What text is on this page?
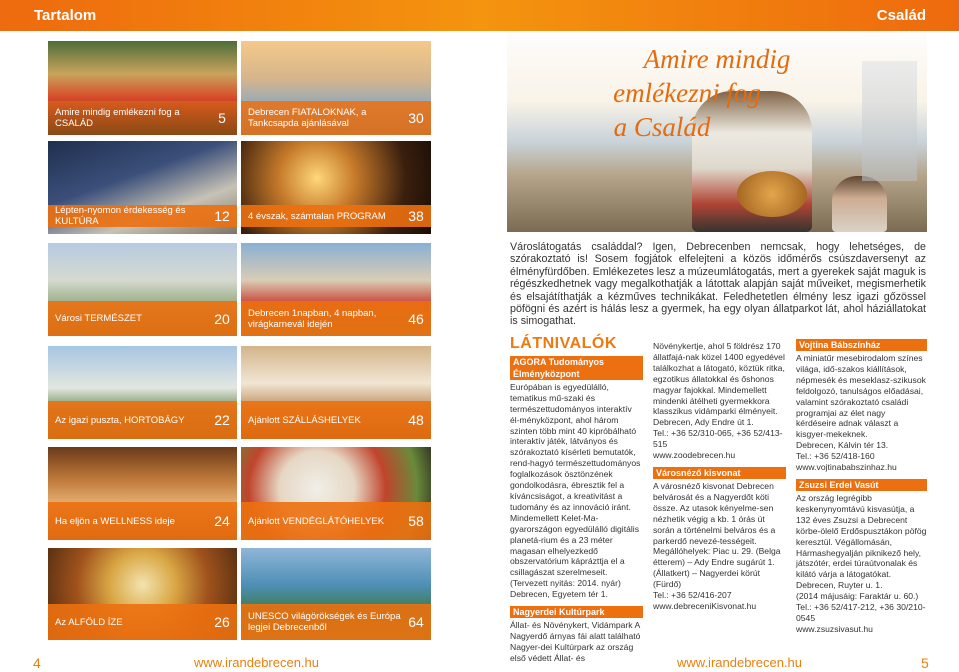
Tartalom	Család
Amire mindig emlékezni fog a CSALÁD	5	Debrecen FIATALOKNAK, a Tankcsapda ajánlásával	30
Lépten-nyomon érdekesség és KULTÚRA	12	4 évszak, számtalan PROGRAM	38
Városi TERMÉSZET	20	Debrecen 1napban, 4 napban, virágkarnevál idején	46
Az igazi puszta, HORTOBÁGY	22	Ajánlott SZÁLLÁSHELYEK	48
Ha eljön a WELLNESS ideje	24	Ajánlott VENDÉGLÁTÓHELYEK	58
Az ALFÖLD ÍZE	26	UNESCO világörökségek és Európa legjei Debrecenből	64
Amire mindig
emlékezni fog
a Család
Városlátogatás családdal? Igen, Debrecenben nemcsak, hogy lehetséges, de szórakoztató is! Sosem fogjátok elfelejteni a közös időmérős csúszdaversenyt az élményfürdőben. Emlékezetes lesz a múzeumlátogatás, mert a gyerekek saját maguk is régészkedhetnek vagy megalkothatják a látottak alapján saját műveiket, megismerhetik és elsajátíthatják a kézműves technikákat. Feledhetetlen élmény lesz igazi gőzössel pöfögni és azért is hálás lesz a gyermek, ha egy olyan állatparkot lát, ahol háziállatokat is simogathat.
LÁTNIVALÓK
AGORA Tudományos Élményközpont

Európában is egyedülálló, tematikus mű-szaki és természettudományos interaktív él-ményközpont, ahol három szinten több mint 40 kipróbálható interaktív játék, látványos és szórakoztató kísérleti bemutatók, rend-hagyó természettudományos foglalkozások ösztönzének gondolkodásra, ébresztik fel a kíváncsiságot, a kreativitást a tudomány és az innováció iránt. Mindemellett Kelet-Ma-gyarországon egyedülálló digitális planetá-rium és a 23 méter magasan elhelyezkedő obszervatórium káprázttja el a csillagászat szerelmeseit.

(Tervezett nyitás: 2014. nyár)

Debrecen, Egyetem tér 1.

Nagyerdei Kultúrpark

Állat- és Növénykert, Vidámpark A Nagyerdő árnyas fái alatt található Nagyer-dei Kultúrpark az ország első védett Állat- és

Növénykertje, ahol 5 földrész 170 állatfajá-nak közel 1400 egyedével találkozhat a látogató, köztük ritka, egzotikus állatokkal és őshonos magyar fajokkal. Mindemellett mindenki átélheti gyermekkora klasszikus vidámparki élményeit.

Debrecen, Ady Endre út 1.

Tel.: +36 52/310-065, +36 52/413-515

www.zoodebrecen.hu

Városnéző kisvonat

A városnéző kisvonat Debrecen belvárosát és a Nagyerdőt köti össze. Az utasok kényelme-sen nézhetik végig a kb. 1 órás út során a történelmi belváros és a parkerdő nevezé-tességeit.

Megállóhelyek: Piac u. 29. (Belga étterem) – Ady Endre sugárút 1. (Állatkert) – Nagyerdei körút (Fürdő)

Tel.: +36 52/416-207

www.debreceniKisvonat.hu

Vojtina Bábszínház

A miniatűr mesebirodalom színes világa, idő-szakos kiállítások, népmesék és meseklasz-szikusok feldolgozó, tanulságos előadásai, valamint szórakoztató családi programjai az élet nagy kérdéseire adnak választ a kisgyer-mekeknek.

Debrecen, Kálvin tér 13.

Tel.: +36 52/418-160

www.vojtinababszinhaz.hu

Zsuzsi Erdei Vasút

Az ország legrégibb keskenynyomtávú kisvasútja, a 132 éves Zsuzsi a Debrecent körbe-ölelő Erdőspusztákon pöfög keresztül. Végállomásán, Hármashegyalján piknikező hely, játszótér, erdei túraútvonalak és kilátó várja a látogatókat.

Debrecen, Ruyter u. 1.

(2014 májusáig: Faraktár u. 60.)

Tel.: +36 52/417-212, +36 30/210-0545

www.zsuzsivasut.hu

4	www.irandebrecen.hu	www.irandebrecen.hu	5
